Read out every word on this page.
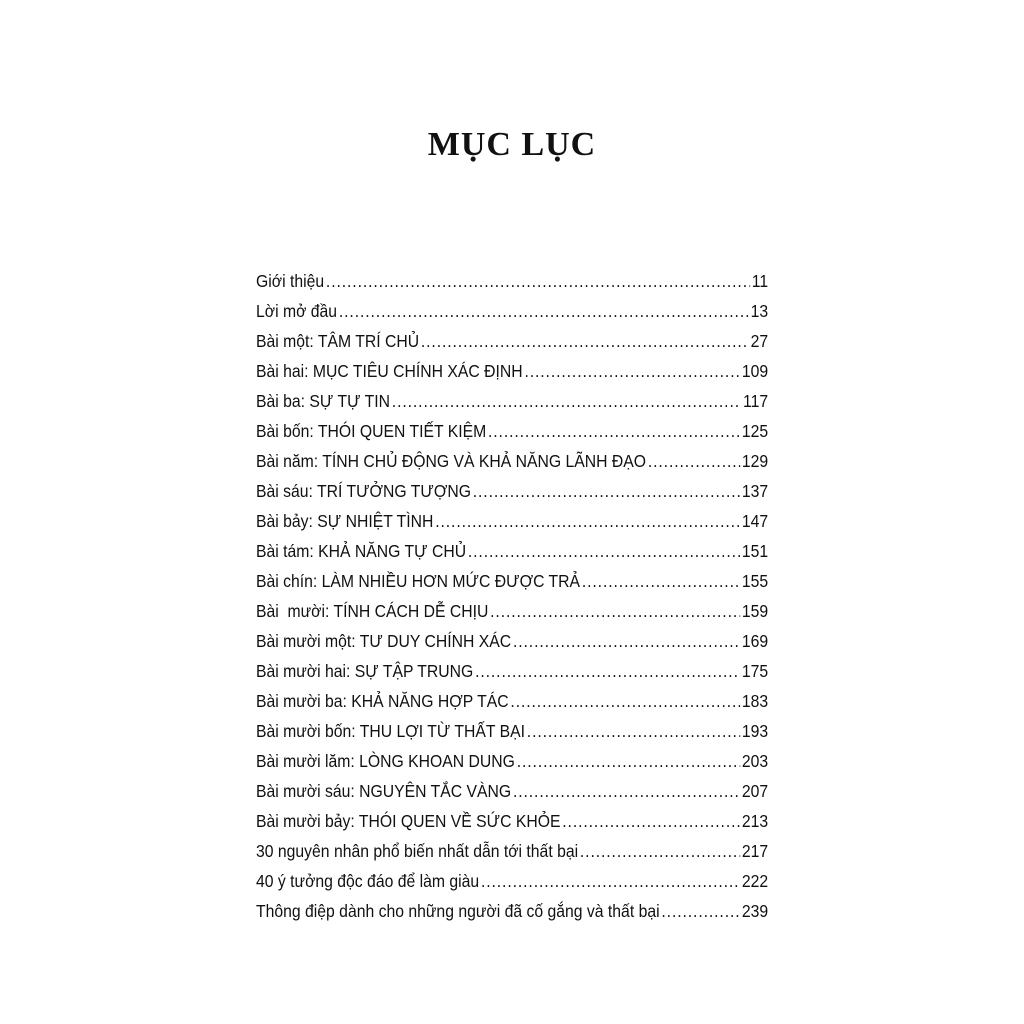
MỤC LỤC
Giới thiệu .....	11
Lời mở đầu .....	13
Bài một: TÂM TRÍ CHỦ .....	27
Bài hai: MỤC TIÊU CHÍNH XÁC ĐỊNH .....	109
Bài ba: SỰ TỰ TIN .....	117
Bài bốn: THÓI QUEN TIẾT KIỆM .....	125
Bài năm: TÍNH CHỦ ĐỘNG VÀ KHẢ NĂNG LÃNH ĐẠO .....	129
Bài sáu: TRÍ TƯỞNG TƯỢNG .....	137
Bài bảy: SỰ NHIỆT TÌNH .....	147
Bài tám: KHẢ NĂNG TỰ CHỦ .....	151
Bài chín: LÀM NHIỀU HƠN MỨC ĐƯỢC TRẢ .....	155
Bài  mười: TÍNH CÁCH DỄ CHỊU .....	159
Bài mười một: TƯ DUY CHÍNH XÁC .....	169
Bài mười hai: SỰ TẬP TRUNG .....	175
Bài mười ba: KHẢ NĂNG HỢP TÁC .....	183
Bài mười bốn: THU LỢI TỪ THẤT BẠI .....	193
Bài mười lăm: LÒNG KHOAN DUNG .....	203
Bài mười sáu: NGUYÊN TẮC VÀNG .....	207
Bài mười bảy: THÓI QUEN VỀ SỨC KHỎE .....	213
30 nguyên nhân phổ biến nhất dẫn tới thất bại .....	217
40 ý tưởng độc đáo để làm giàu .....	222
Thông điệp dành cho những người đã cố gắng và thất bại .....	239
